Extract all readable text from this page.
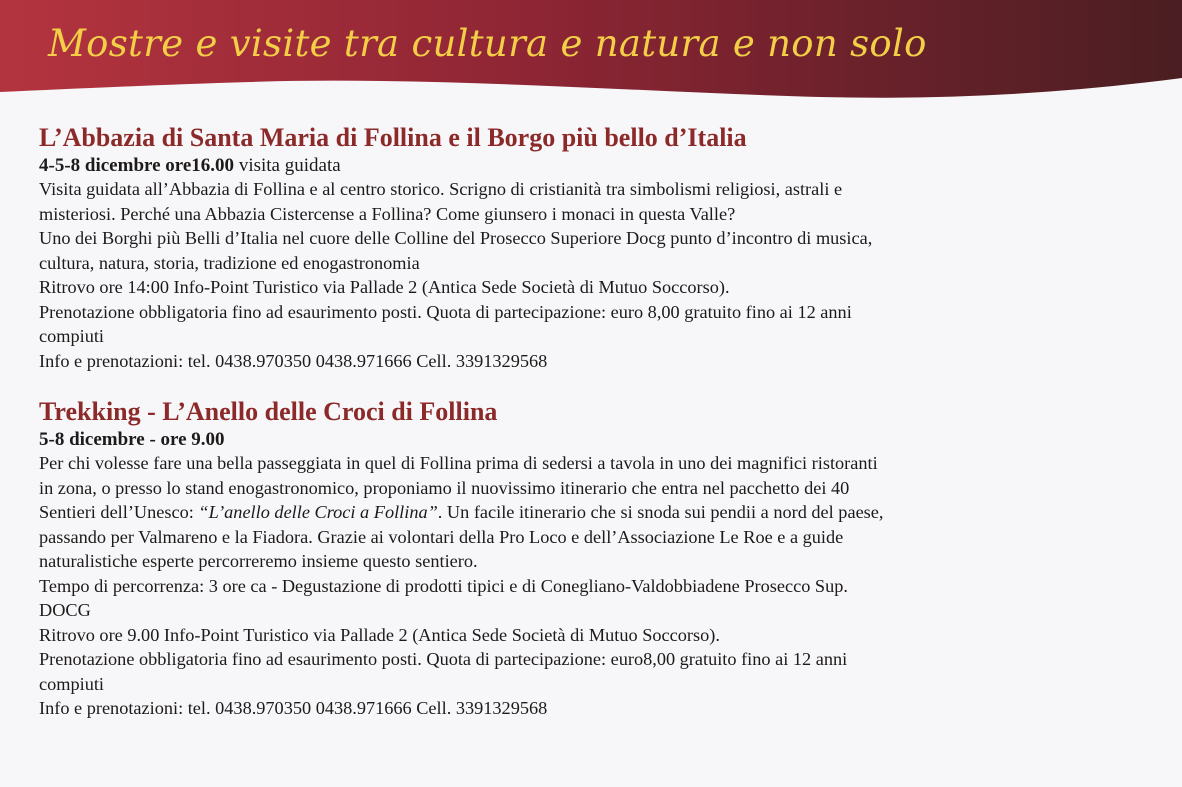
Mostre e visite tra cultura e natura e non solo
L’Abbazia di Santa Maria di Follina e il Borgo più bello d’Italia

4-5-8 dicembre ore16.00 visita guidata

Visita guidata all’Abbazia di Follina e al centro storico. Scrigno di cristianità tra simbolismi religiosi, astrali e

misteriosi. Perché una Abbazia Cistercense a Follina? Come giunsero i monaci in questa Valle?

Uno dei Borghi più Belli d’Italia nel cuore delle Colline del Prosecco Superiore Docg punto d’incontro di musica,

cultura, natura, storia, tradizione ed enogastronomia

Ritrovo ore 14:00 Info-Point Turistico via Pallade 2 (Antica Sede Società di Mutuo Soccorso).

Prenotazione obbligatoria fino ad esaurimento posti. Quota di partecipazione: euro 8,00 gratuito fino ai 12 anni

compiuti

Info e prenotazioni: tel. 0438.970350 0438.971666 Cell. 3391329568

Trekking - L’Anello delle Croci di Follina

5-8 dicembre - ore 9.00

Per chi volesse fare una bella passeggiata in quel di Follina prima di sedersi a tavola in uno dei magnifici ristoranti

in zona, o presso lo stand enogastronomico, proponiamo il nuovissimo itinerario che entra nel pacchetto dei 40

Sentieri dell’Unesco: “L’anello delle Croci a Follina”. Un facile itinerario che si snoda sui pendii a nord del paese,

passando per Valmareno e la Fiadora. Grazie ai volontari della Pro Loco e dell’Associazione Le Roe e a guide

naturalistiche esperte percorreremo insieme questo sentiero.

Tempo di percorrenza: 3 ore ca - Degustazione di prodotti tipici e di Conegliano-Valdobbiadene Prosecco Sup.

DOCG

Ritrovo ore 9.00 Info-Point Turistico via Pallade 2 (Antica Sede Società di Mutuo Soccorso).

Prenotazione obbligatoria fino ad esaurimento posti. Quota di partecipazione: euro8,00 gratuito fino ai 12 anni

compiuti

Info e prenotazioni: tel. 0438.970350 0438.971666 Cell. 3391329568
